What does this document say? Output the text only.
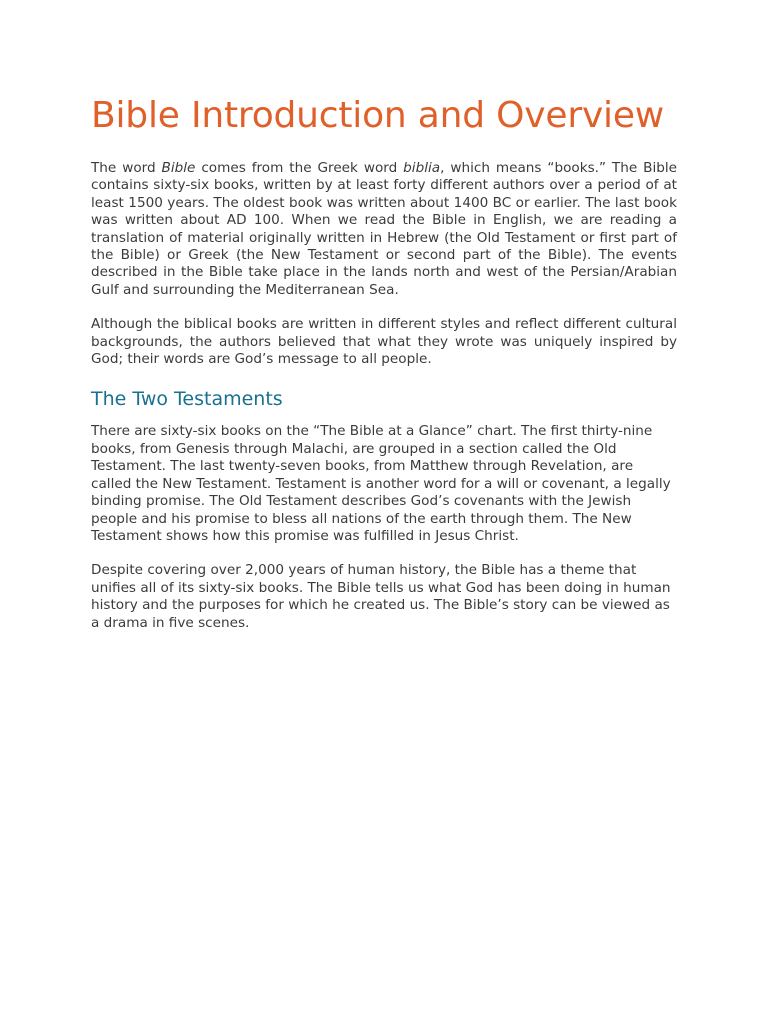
Bible Introduction and Overview

The word Bible comes from the Greek word biblia, which means “books.” The Bible contains sixty-six books, written by at least forty different authors over a period of at least 1500 years. The oldest book was written about 1400 BC or earlier. The last book was written about AD 100. When we read the Bible in English, we are reading a translation of material originally written in Hebrew (the Old Testament or first part of the Bible) or Greek (the New Testament or second part of the Bible). The events described in the Bible take place in the lands north and west of the Persian/Arabian Gulf and surrounding the Mediterranean Sea.

Although the biblical books are written in different styles and reflect different cultural backgrounds, the authors believed that what they wrote was uniquely inspired by God; their words are God’s message to all people.

The Two Testaments

There are sixty-six books on the “The Bible at a Glance” chart. The first thirty-nine books, from Genesis through Malachi, are grouped in a section called the Old Testament. The last twenty-seven books, from Matthew through Revelation, are called the New Testament. Testament is another word for a will or covenant, a legally binding promise. The Old Testament describes God’s covenants with the Jewish people and his promise to bless all nations of the earth through them. The New Testament shows how this promise was fulfilled in Jesus Christ.

Despite covering over 2,000 years of human history, the Bible has a theme that unifies all of its sixty-six books. The Bible tells us what God has been doing in human history and the purposes for which he created us. The Bible’s story can be viewed as a drama in five scenes.
